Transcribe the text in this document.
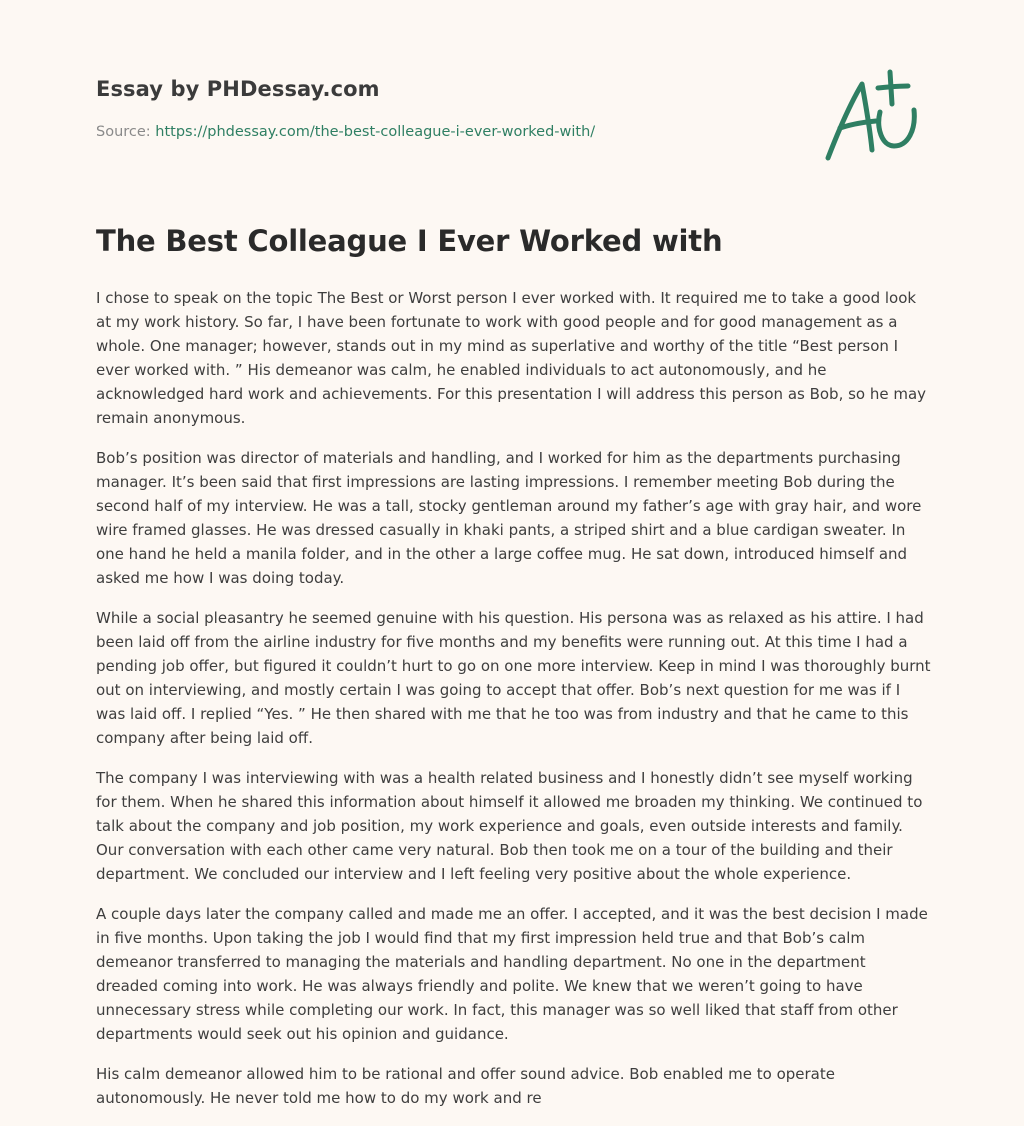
Essay by PHDessay.com
Source: https://phdessay.com/the-best-colleague-i-ever-worked-with/
The Best Colleague I Ever Worked with

I chose to speak on the topic The Best or Worst person I ever worked with. It required me to take a good look at my work history. So far, I have been fortunate to work with good people and for good management as a whole. One manager; however, stands out in my mind as superlative and worthy of the title “Best person I ever worked with. ” His demeanor was calm, he enabled individuals to act autonomously, and he acknowledged hard work and achievements. For this presentation I will address this person as Bob, so he may remain anonymous.

Bob’s position was director of materials and handling, and I worked for him as the departments purchasing manager. It’s been said that first impressions are lasting impressions. I remember meeting Bob during the second half of my interview. He was a tall, stocky gentleman around my father’s age with gray hair, and wore wire framed glasses. He was dressed casually in khaki pants, a striped shirt and a blue cardigan sweater. In one hand he held a manila folder, and in the other a large coffee mug. He sat down, introduced himself and asked me how I was doing today.

While a social pleasantry he seemed genuine with his question. His persona was as relaxed as his attire. I had been laid off from the airline industry for five months and my benefits were running out. At this time I had a pending job offer, but figured it couldn’t hurt to go on one more interview. Keep in mind I was thoroughly burnt out on interviewing, and mostly certain I was going to accept that offer. Bob’s next question for me was if I was laid off. I replied “Yes. ” He then shared with me that he too was from industry and that he came to this company after being laid off.

The company I was interviewing with was a health related business and I honestly didn’t see myself working for them. When he shared this information about himself it allowed me broaden my thinking. We continued to talk about the company and job position, my work experience and goals, even outside interests and family. Our conversation with each other came very natural. Bob then took me on a tour of the building and their department. We concluded our interview and I left feeling very positive about the whole experience.

A couple days later the company called and made me an offer. I accepted, and it was the best decision I made in five months. Upon taking the job I would find that my first impression held true and that Bob’s calm demeanor transferred to managing the materials and handling department. No one in the department dreaded coming into work. He was always friendly and polite. We knew that we weren’t going to have unnecessary stress while completing our work. In fact, this manager was so well liked that staff from other departments would seek out his opinion and guidance.

His calm demeanor allowed him to be rational and offer sound advice. Bob enabled me to operate autonomously. He never told me how to do my work and re
